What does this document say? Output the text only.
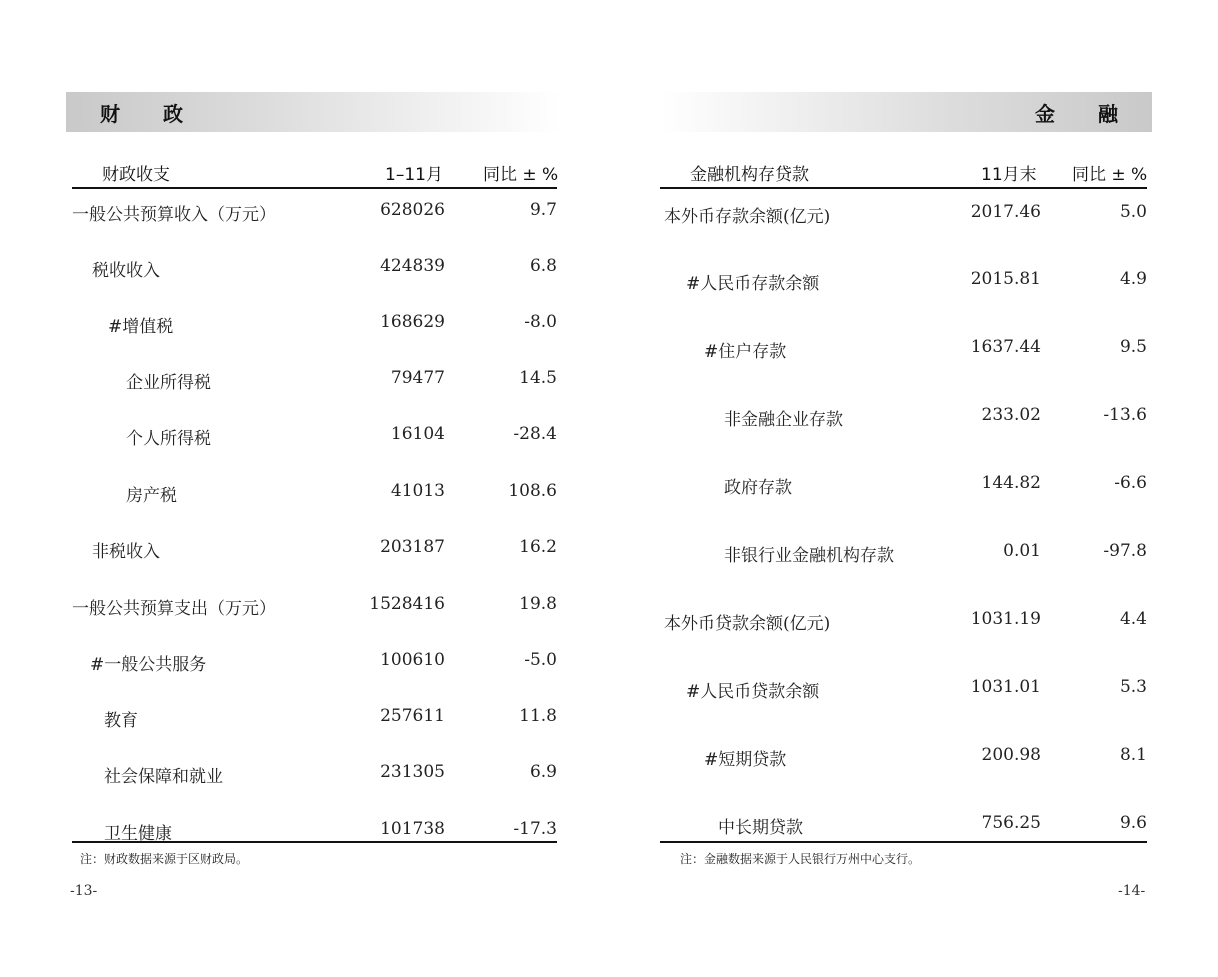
财 政
财政收支	1–11月 同比 ± %
一般公共预算收入（万元）	628026	9.7
税收收入	424839	6.8
#增值税	168629	-8.0
企业所得税	79477	14.5
个人所得税	16104	-28.4
房产税	41013	108.6
非税收入	203187	16.2
一般公共预算支出（万元）	1528416	19.8
#一般公共服务	100610	-5.0
教育	257611	11.8
社会保障和就业	231305	6.9
卫生健康	101738	-17.3
注：财政数据来源于区财政局。
-13-
金 融
金融机构存贷款	11月末 同比 ± %
本外币存款余额(亿元)	2017.46	5.0
#人民币存款余额	2015.81	4.9
#住户存款	1637.44	9.5
非金融企业存款	233.02	-13.6
政府存款	144.82	-6.6
非银行业金融机构存款	0.01	-97.8
本外币贷款余额(亿元)	1031.19	4.4
#人民币贷款余额	1031.01	5.3
#短期贷款	200.98	8.1
中长期贷款	756.25	9.6
注：金融数据来源于人民银行万州中心支行。
-14-
